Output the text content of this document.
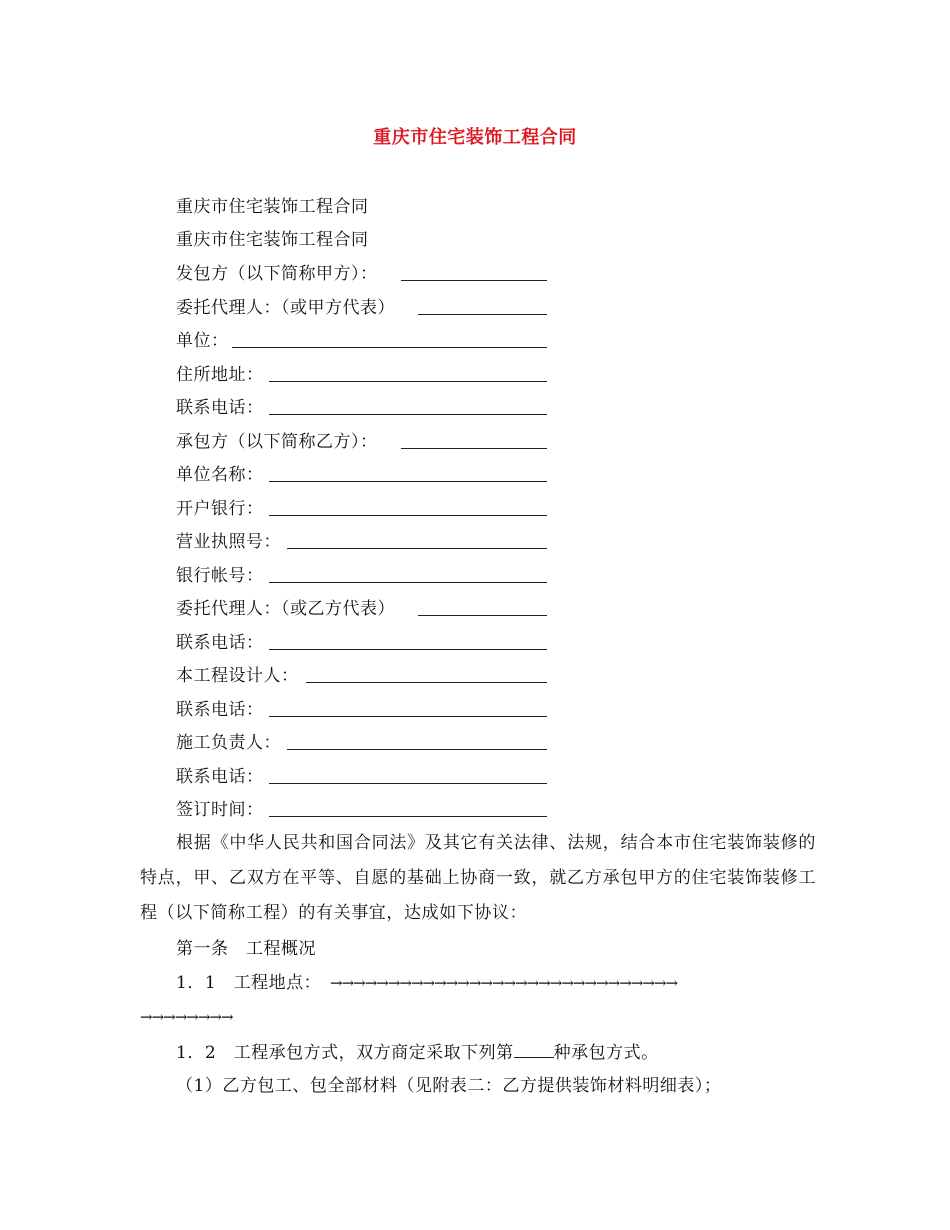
重庆市住宅装饰工程合同
重庆市住宅装饰工程合同
重庆市住宅装饰工程合同
发包方（以下简称甲方）：
委托代理人：（或甲方代表）
单位：
住所地址：
联系电话：
承包方（以下简称乙方）：
单位名称：
开户银行：
营业执照号：
银行帐号：
委托代理人：（或乙方代表）
联系电话：
本工程设计人：
联系电话：
施工负责人：
联系电话：
签订时间：
根据《中华人民共和国合同法》及其它有关法律、法规，结合本市住宅装饰装修的特点，甲、乙双方在平等、自愿的基础上协商一致，就乙方承包甲方的住宅装饰装修工程（以下简称工程）的有关事宜，达成如下协议：
第一条　工程概况
1．1　工程地点： →→→→→→→→→→→→→→→→→→→→→→→→→→→→→→
→→→→→→→→
1．2　工程承包方式，双方商定采取下列第 种承包方式。
（1）乙方包工、包全部材料（见附表二：乙方提供装饰材料明细表）；
